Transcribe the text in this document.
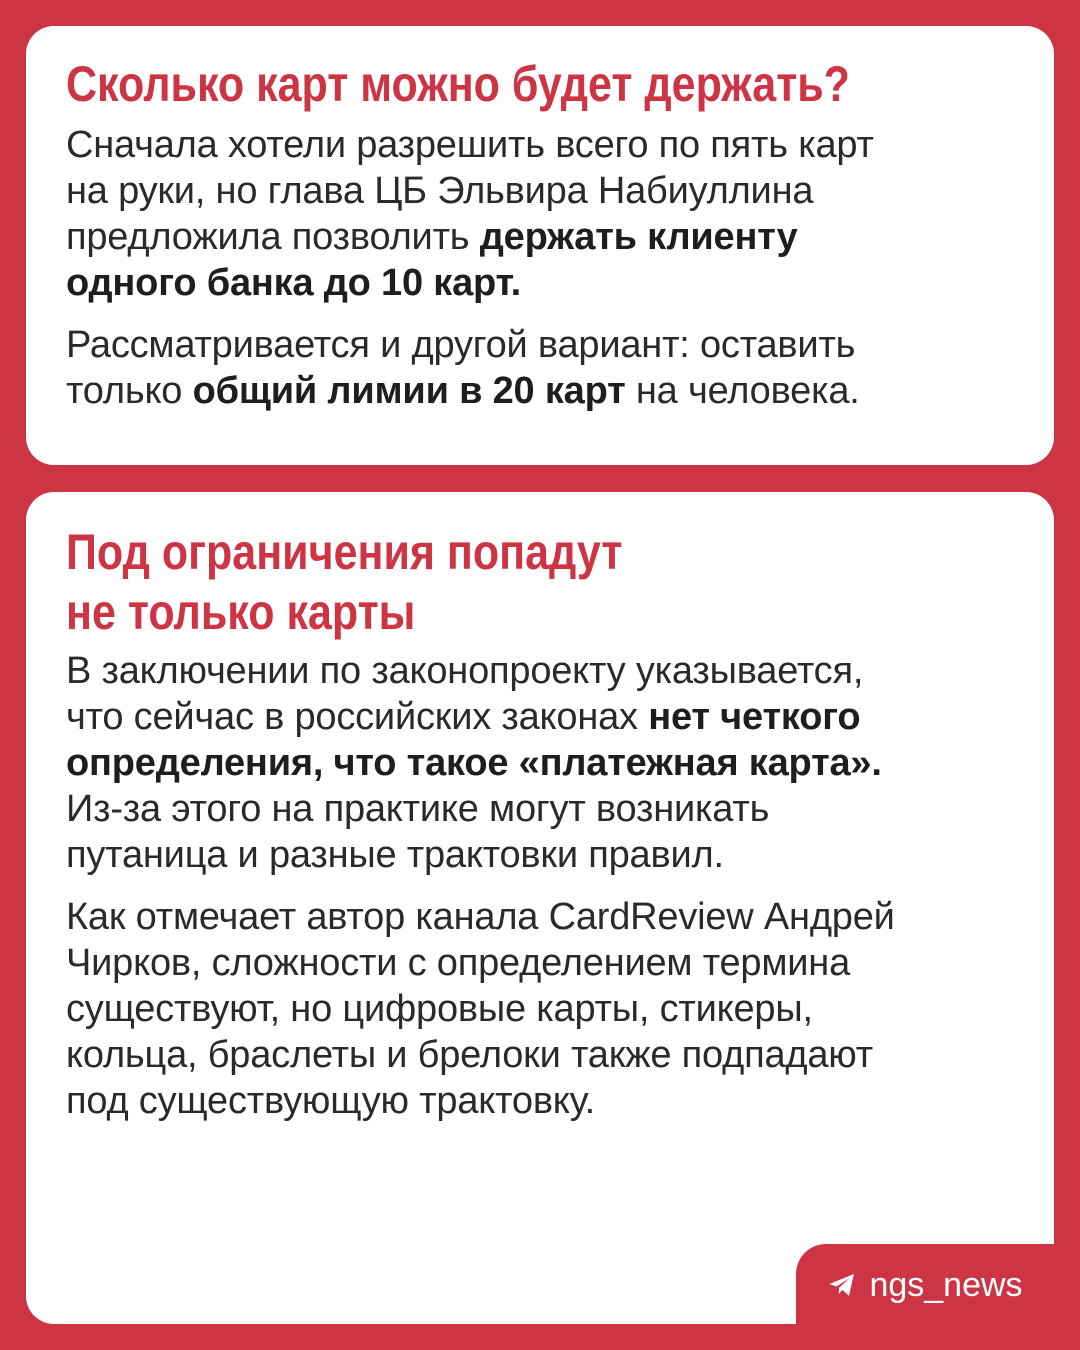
Сколько карт можно будет держать?

Сначала хотели разрешить всего по пять карт
на руки, но глава ЦБ Эльвира Набиуллина
предложила позволить держать клиенту
одного банка до 10 карт.

Рассматривается и другой вариант: оставить
только общий лимии в 20 карт на человека.

Под ограничения попадут
не только карты

В заключении по законопроекту указывается,
что сейчас в российских законах нет четкого
определения, что такое «платежная карта».
Из-за этого на практике могут возникать
путаница и разные трактовки правил.

Как отмечает автор канала CardReview Андрей
Чирков, сложности с определением термина
существуют, но цифровые карты, стикеры,
кольца, браслеты и брелоки также подпадают
под существующую трактовку.

ngs_news
